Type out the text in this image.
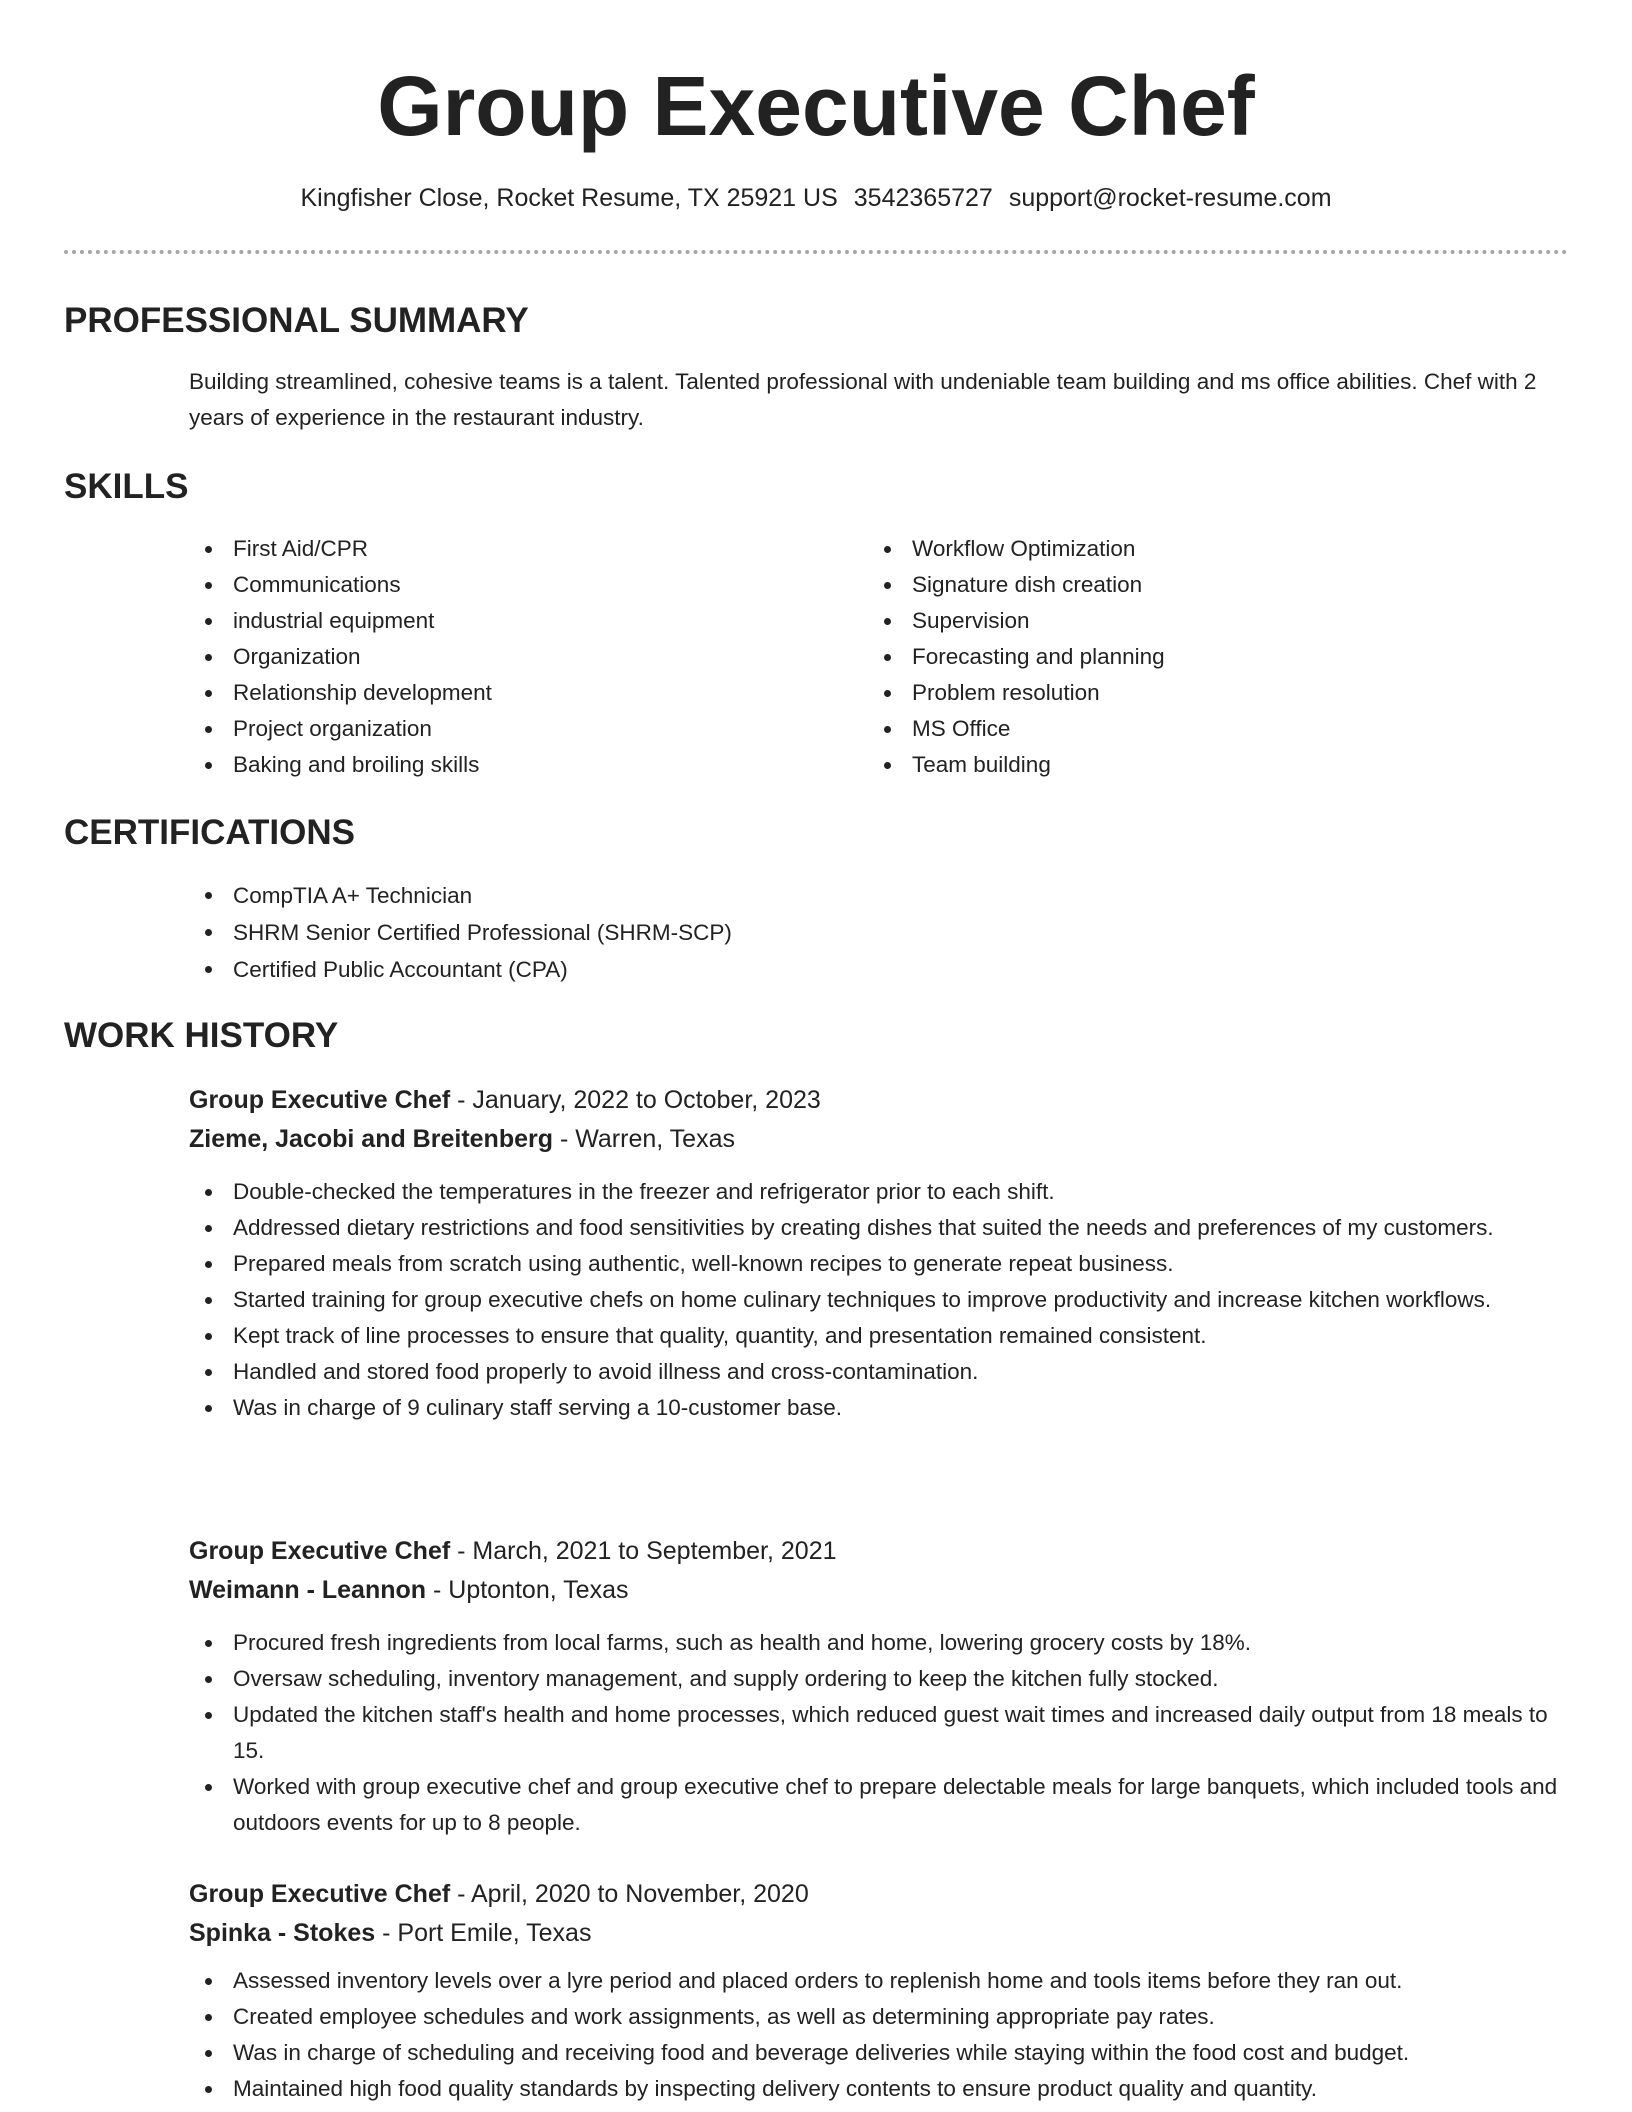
Group Executive Chef
Kingfisher Close, Rocket Resume, TX 25921 US 3542365727 support@rocket-resume.com
PROFESSIONAL SUMMARY

Building streamlined, cohesive teams is a talent. Talented professional with undeniable team building and ms office abilities. Chef with 2 years of experience in the restaurant industry.

SKILLS
First Aid/CPR
Communications
industrial equipment
Organization
Relationship development
Project organization
Baking and broiling skills
Workflow Optimization
Signature dish creation
Supervision
Forecasting and planning
Problem resolution
MS Office
Team building
CERTIFICATIONS
CompTIA A+ Technician
SHRM Senior Certified Professional (SHRM-SCP)
Certified Public Accountant (CPA)
WORK HISTORY

Group Executive Chef - January, 2022 to October, 2023

Zieme, Jacobi and Breitenberg - Warren, Texas

Double-checked the temperatures in the freezer and refrigerator prior to each shift.
Addressed dietary restrictions and food sensitivities by creating dishes that suited the needs and preferences of my customers.
Prepared meals from scratch using authentic, well-known recipes to generate repeat business.
Started training for group executive chefs on home culinary techniques to improve productivity and increase kitchen workflows.
Kept track of line processes to ensure that quality, quantity, and presentation remained consistent.
Handled and stored food properly to avoid illness and cross-contamination.
Was in charge of 9 culinary staff serving a 10-customer base.

Group Executive Chef - March, 2021 to September, 2021

Weimann - Leannon - Uptonton, Texas

Procured fresh ingredients from local farms, such as health and home, lowering grocery costs by 18%.
Oversaw scheduling, inventory management, and supply ordering to keep the kitchen fully stocked.
Updated the kitchen staff's health and home processes, which reduced guest wait times and increased daily output from 18 meals to 15.
Worked with group executive chef and group executive chef to prepare delectable meals for large banquets, which included tools and outdoors events for up to 8 people.

Group Executive Chef - April, 2020 to November, 2020

Spinka - Stokes - Port Emile, Texas

Assessed inventory levels over a lyre period and placed orders to replenish home and tools items before they ran out.
Created employee schedules and work assignments, as well as determining appropriate pay rates.
Was in charge of scheduling and receiving food and beverage deliveries while staying within the food cost and budget.
Maintained high food quality standards by inspecting delivery contents to ensure product quality and quantity.
